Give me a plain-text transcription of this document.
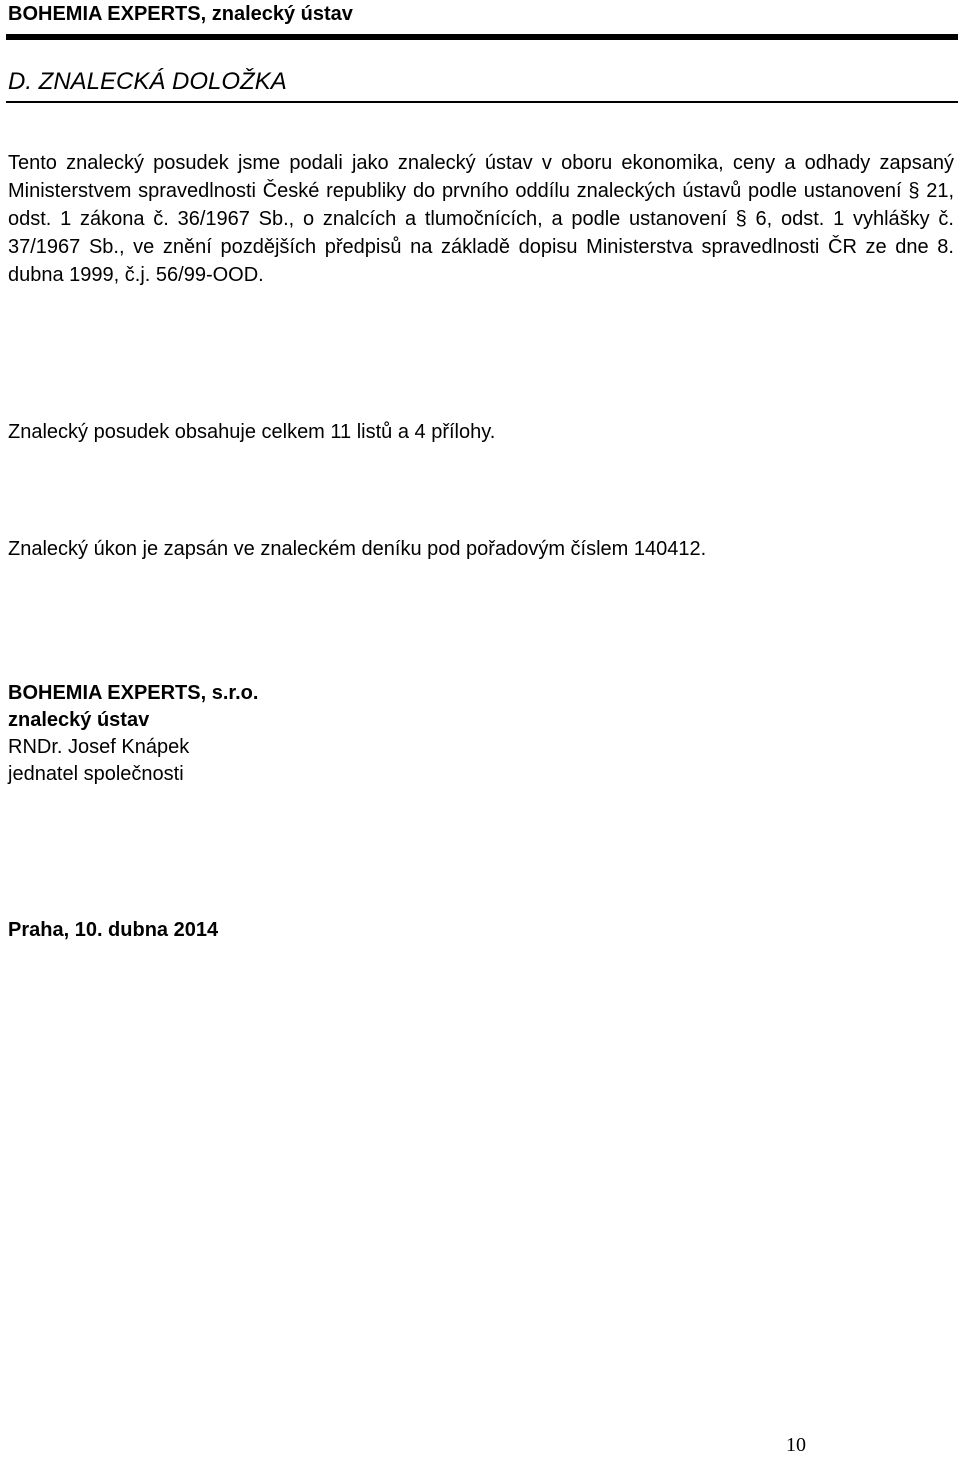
BOHEMIA EXPERTS, znalecký ústav
D. ZNALECKÁ DOLOŽKA
Tento znalecký posudek jsme podali jako znalecký ústav v oboru ekonomika, ceny a odhady zapsaný Ministerstvem spravedlnosti České republiky do prvního oddílu znaleckých ústavů podle ustanovení § 21, odst. 1 zákona č. 36/1967 Sb., o znalcích a tlumočnících, a podle ustanovení § 6, odst. 1 vyhlášky č. 37/1967 Sb., ve znění pozdějších předpisů na základě dopisu Ministerstva spravedlnosti ČR ze dne 8. dubna 1999, č.j. 56/99-OOD.
Znalecký posudek obsahuje celkem 11 listů a 4 přílohy.
Znalecký úkon je zapsán ve znaleckém deníku pod pořadovým číslem 140412.
BOHEMIA EXPERTS, s.r.o.
znalecký ústav
RNDr. Josef Knápek
jednatel společnosti
Praha, 10. dubna 2014
10
